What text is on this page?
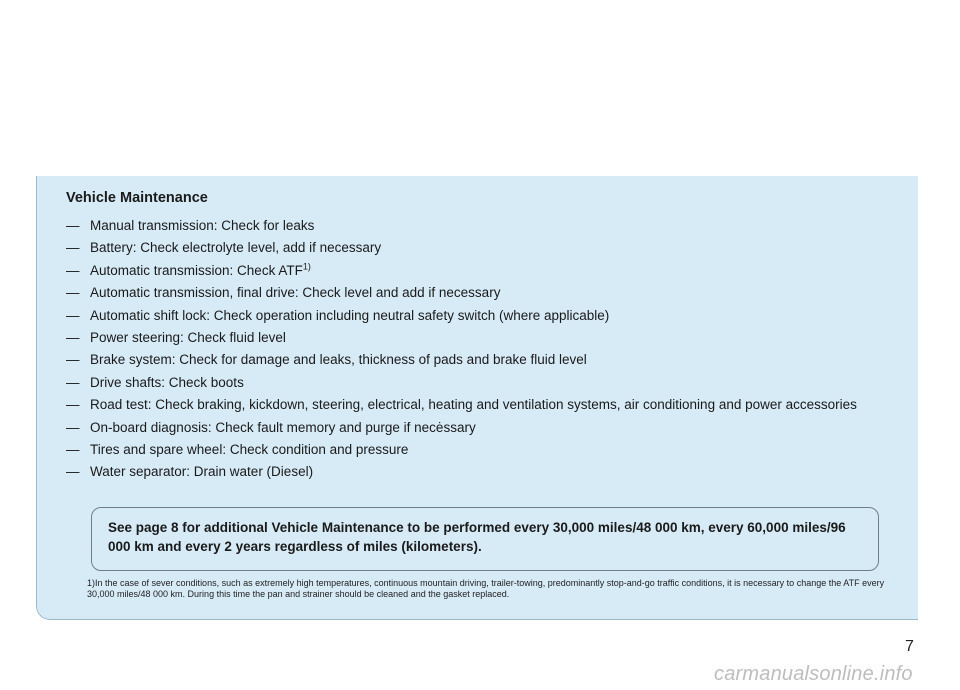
Vehicle Maintenance
— Manual transmission: Check for leaks
— Battery: Check electrolyte level, add if necessary
— Automatic transmission: Check ATF$^{1)}$
— Automatic transmission, final drive: Check level and add if necessary
— Automatic shift lock: Check operation including neutral safety switch (where applicable)
— Power steering: Check fluid level
— Brake system: Check for damage and leaks, thickness of pads and brake fluid level
— Drive shafts: Check boots
— Road test: Check braking, kickdown, steering, electrical, heating and ventilation systems, air conditioning and power accessories
— On-board diagnosis: Check fault memory and purge if necėssary
— Tires and spare wheel: Check condition and pressure
— Water separator: Drain water (Diesel)
See page 8 for additional Vehicle Maintenance to be performed every 30,000 miles/48 000 km, every 60,000 miles/96 000 km and every 2 years regardless of miles (kilometers).
1)In the case of sever conditions, such as extremely high temperatures, continuous mountain driving, trailer-towing, predominantly stop-and-go traffic conditions, it is necessary to change the ATF every 30,000 miles/48 000 km. During this time the pan and strainer should be cleaned and the gasket replaced.
7
carmanualsonline.info
